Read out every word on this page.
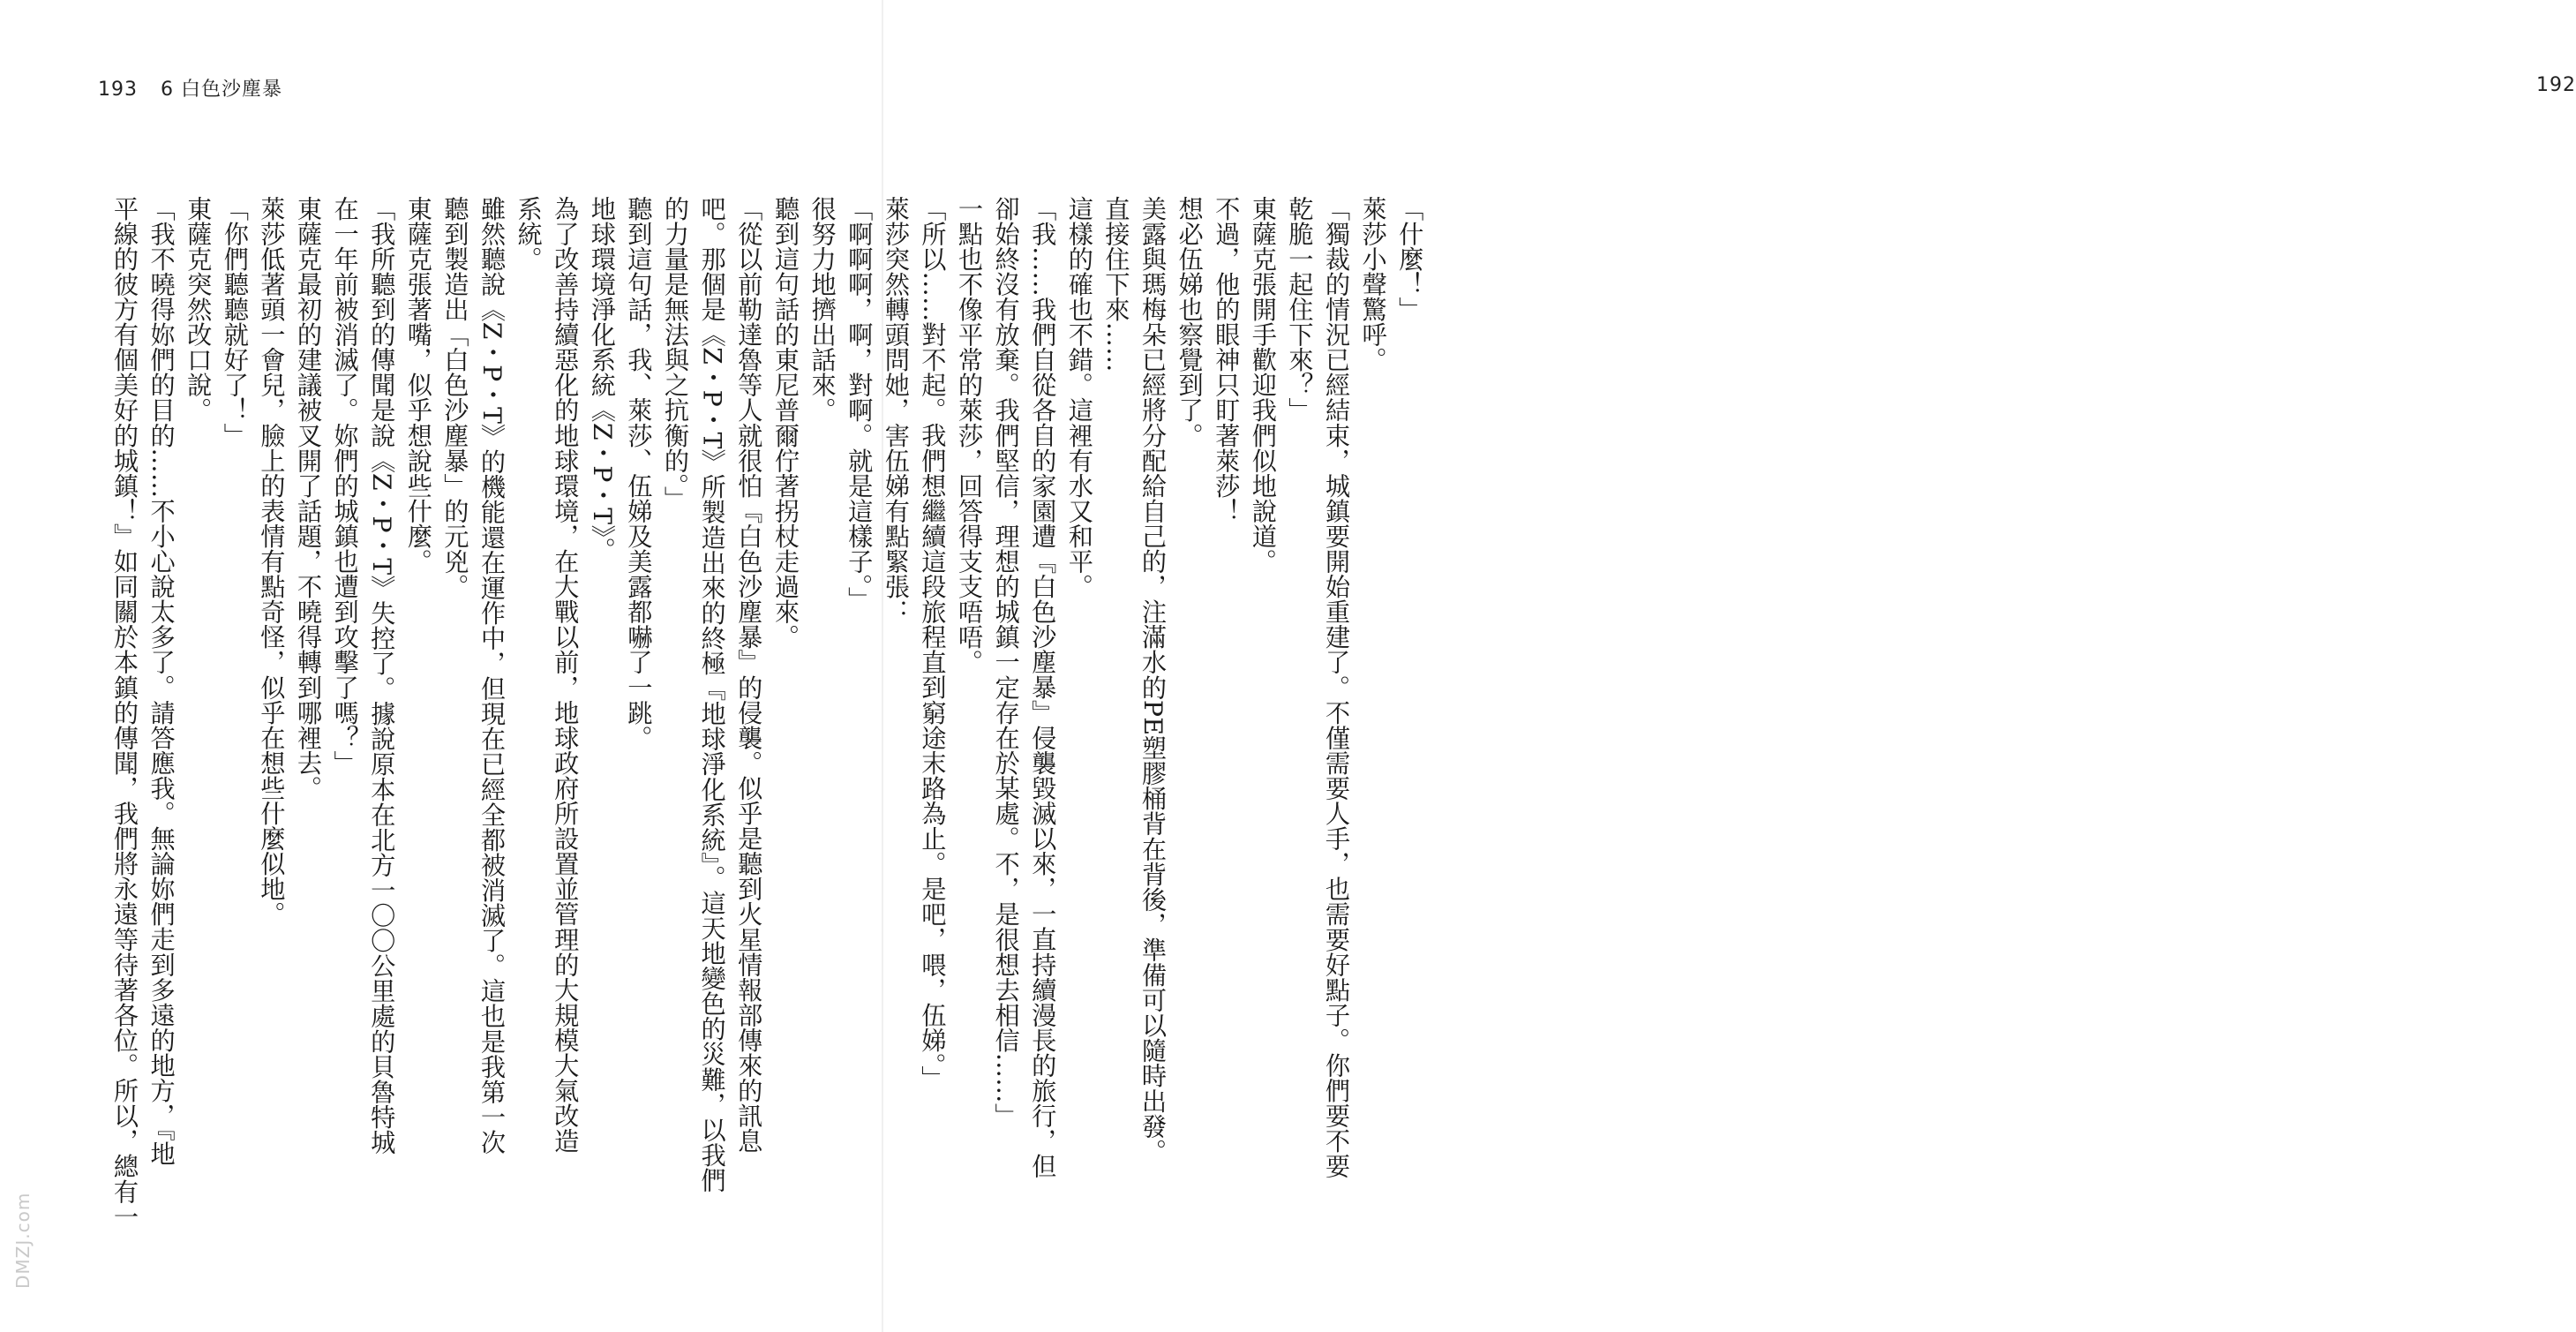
193 6 白色沙塵暴
「從以前勒達魯等人就很怕『白色沙塵暴』的侵襲。似乎是聽到火星情報部傳來的訊息
吧。那個是《Z・P・T》所製造出來的終極『地球淨化系統』。這天地變色的災難，以我們
的力量是無法與之抗衡的。」
聽到這句話，我、萊莎、伍娣及美露都嚇了一跳。
地球環境淨化系統《Z・P・T》。
為了改善持續惡化的地球環境，在大戰以前，地球政府所設置並管理的大規模大氣改造
系統。
雖然聽說《Z・P・T》的機能還在運作中，但現在已經全都被消滅了。這也是我第一次
聽到製造出「白色沙塵暴」的元兇。
東薩克張著嘴，似乎想說些什麼。
「我所聽到的傳聞是說《Z・P・T》失控了。據說原本在北方一〇〇公里處的貝魯特城
在一年前被消滅了。妳們的城鎮也遭到攻擊了嗎？」
東薩克最初的建議被叉開了話題，不曉得轉到哪裡去。
萊莎低著頭一會兒，臉上的表情有點奇怪，似乎在想些什麼似地。
「你們聽聽就好了！」
東薩克突然改口說。
「我不曉得妳們的目的……不小心說太多了。請答應我。無論妳們走到多遠的地方，『地
平線的彼方有個美好的城鎮！』如同關於本鎮的傳聞，我們將永遠等待著各位。所以，總有一
192
「什麼！」
萊莎小聲驚呼。
「獨裁的情況已經結束，城鎮要開始重建了。不僅需要人手，也需要好點子。你們要不要
乾脆一起住下來？」
東薩克張開手歡迎我們似地說道。
不過，他的眼神只盯著萊莎！
想必伍娣也察覺到了。
美露與瑪梅朵已經將分配給自己的，注滿水的PE塑膠桶背在背後，準備可以隨時出發。
直接住下來……
這樣的確也不錯。這裡有水又和平。
「我……我們自從各自的家園遭『白色沙塵暴』侵襲毀滅以來，一直持續漫長的旅行，但
卻始終沒有放棄。我們堅信，理想的城鎮一定存在於某處。不，是很想去相信……」
一點也不像平常的萊莎，回答得支支唔唔。
「所以……對不起。我們想繼續這段旅程直到窮途末路為止。是吧，喂，伍娣。」
萊莎突然轉頭問她，害伍娣有點緊張：
「啊啊啊，啊，對啊。就是這樣子。」
很努力地擠出話來。
聽到這句話的東尼普爾佇著拐杖走過來。
DMZJ.com
